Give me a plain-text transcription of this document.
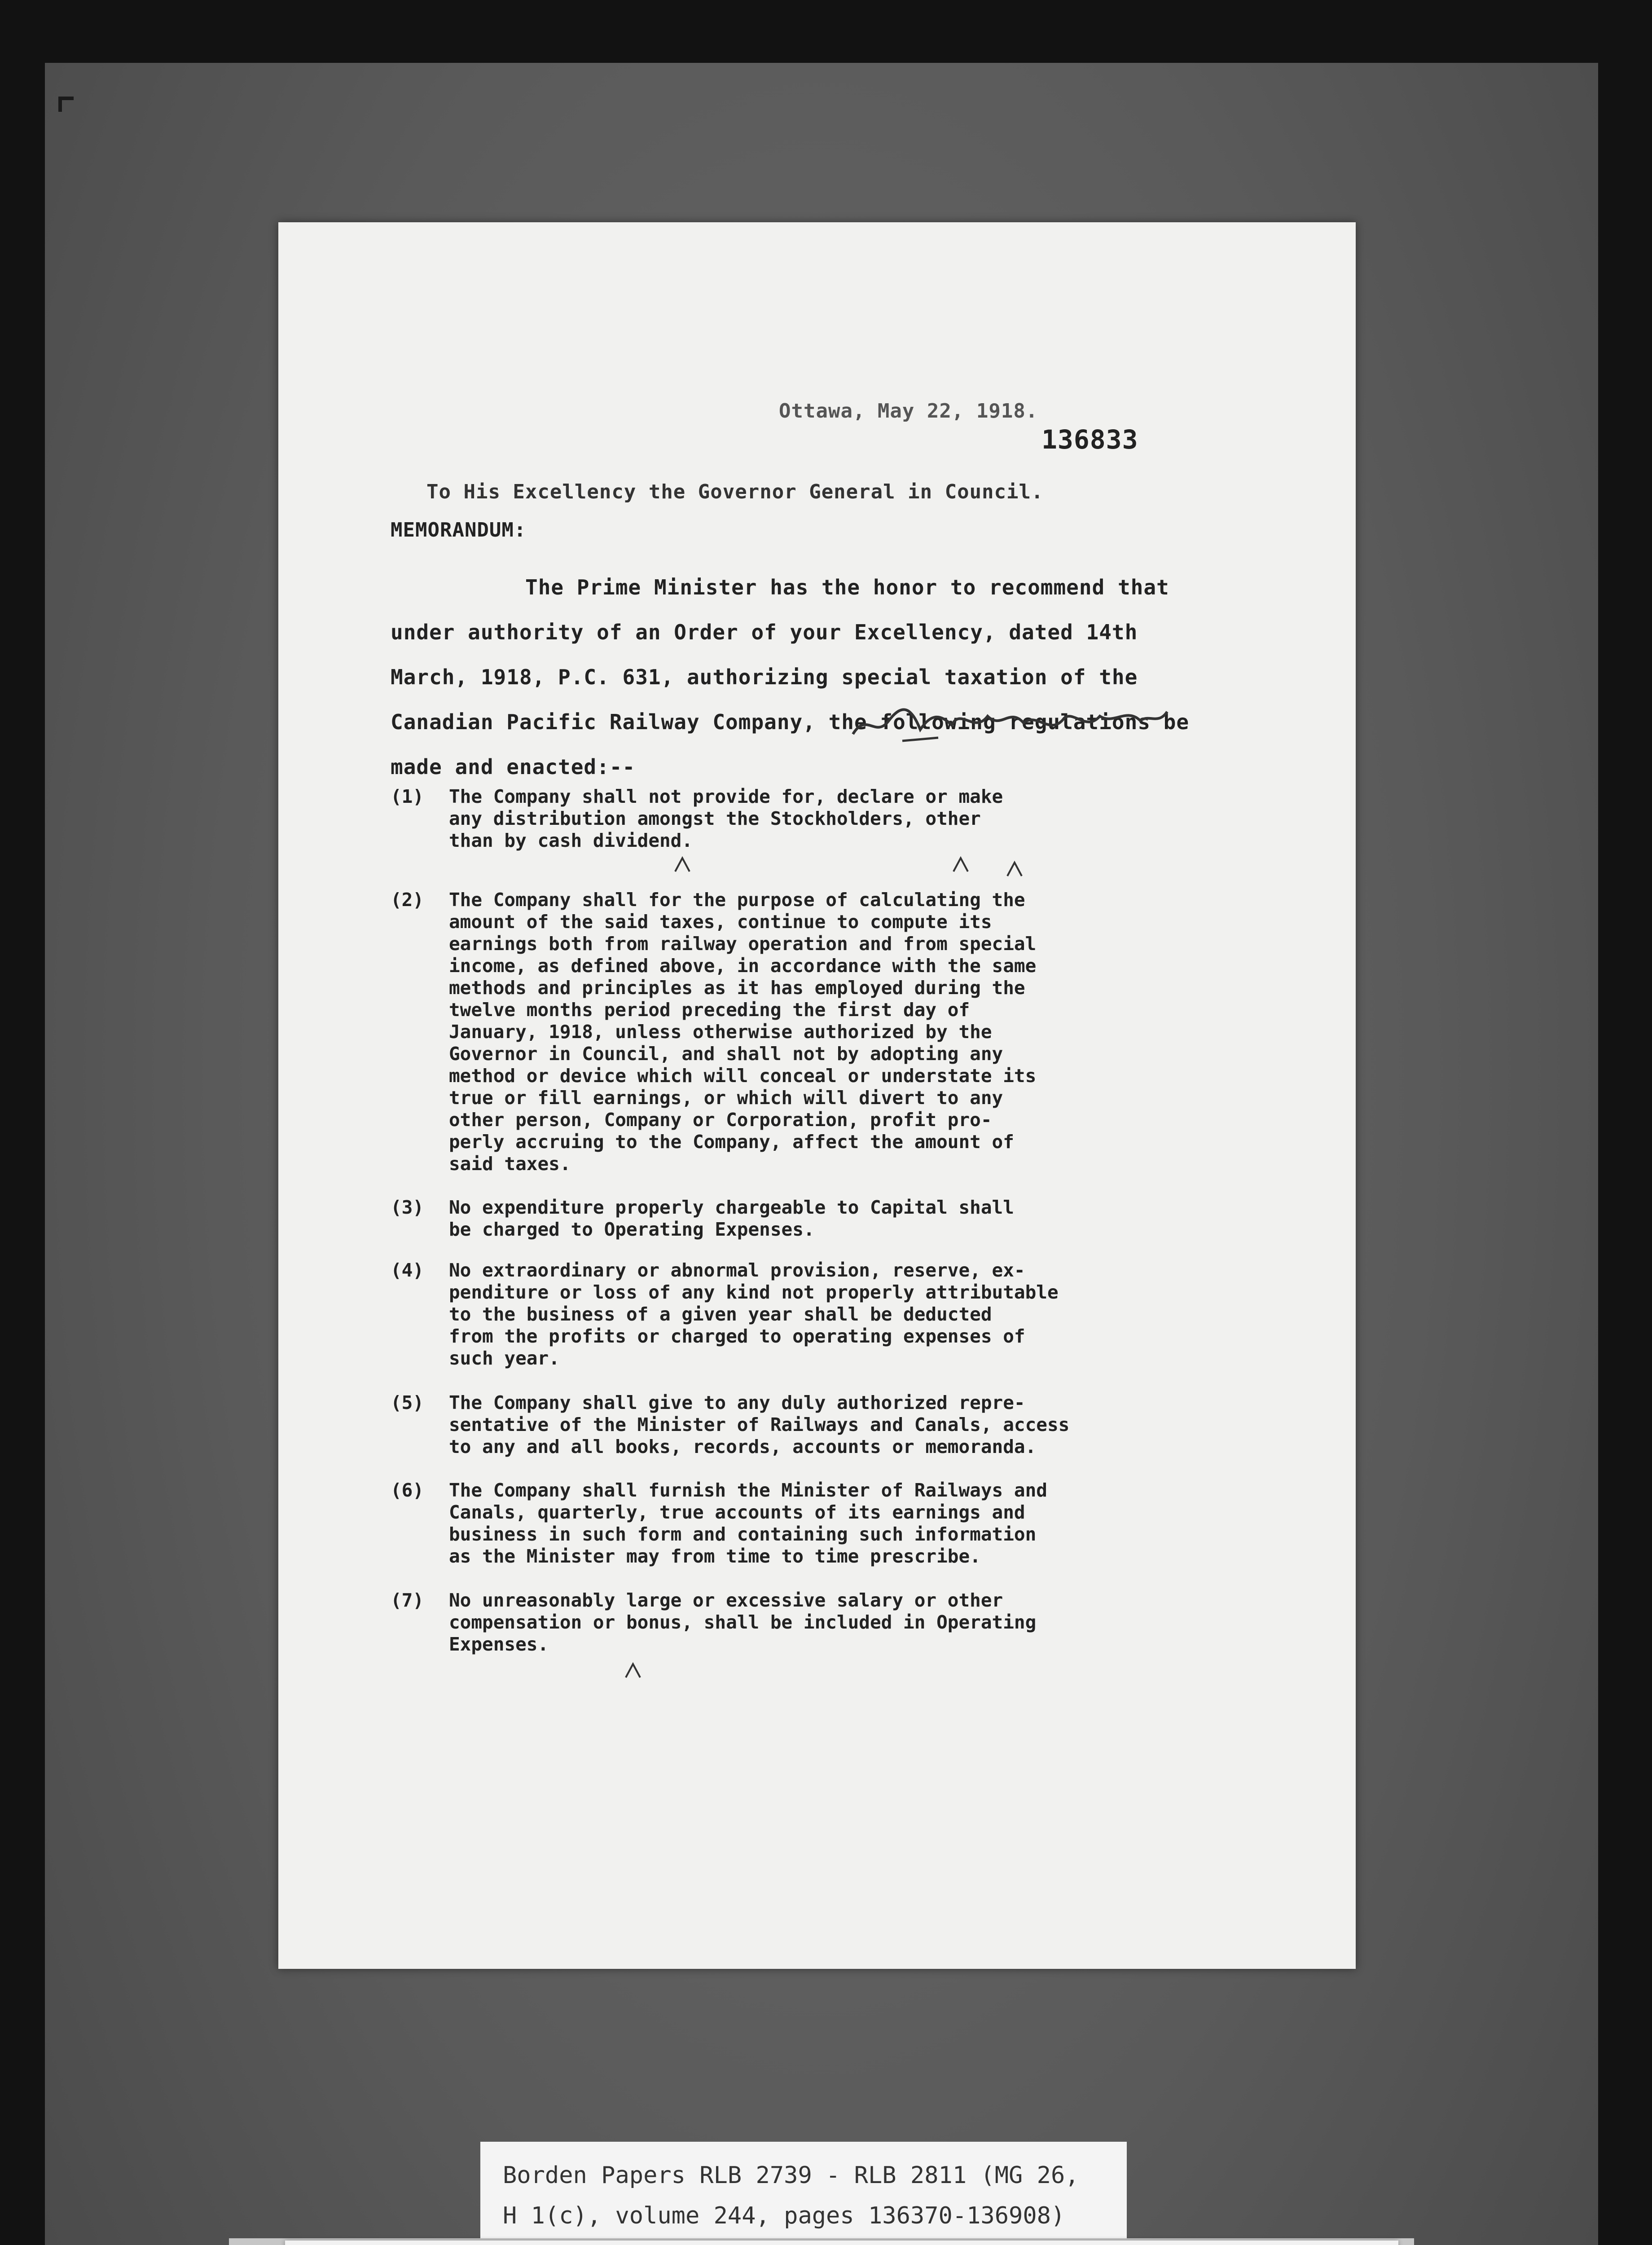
Ottawa, May 22, 1918.
136833
To His Excellency the Governor General in Council.
MEMORANDUM:
The Prime Minister has the honor to recommend that
under authority of an Order of your Excellency, dated 14th
March, 1918, P.C. 631, authorizing special taxation of the
Canadian Pacific Railway Company, the following regulations be
made and enacted:--
(1) The Company shall not provide for, declare or make
any distribution amongst the Stockholders, other
than by cash dividend.
(2) The Company shall for the purpose of calculating the
amount of the said taxes, continue to compute its
earnings both from railway operation and from special
income, as defined above, in accordance with the same
methods and principles as it has employed during the
twelve months period preceding the first day of
January, 1918, unless otherwise authorized by the
Governor in Council, and shall not by adopting any
method or device which will conceal or understate its
true or fill earnings, or which will divert to any
other person, Company or Corporation, profit pro-
perly accruing to the Company, affect the amount of
said taxes.
(3) No expenditure properly chargeable to Capital shall
be charged to Operating Expenses.
(4) No extraordinary or abnormal provision, reserve, ex-
penditure or loss of any kind not properly attributable
to the business of a given year shall be deducted
from the profits or charged to operating expenses of
such year.
(5) The Company shall give to any duly authorized repre-
sentative of the Minister of Railways and Canals, access
to any and all books, records, accounts or memoranda.
(6) The Company shall furnish the Minister of Railways and
Canals, quarterly, true accounts of its earnings and
business in such form and containing such information
as the Minister may from time to time prescribe.
(7) No unreasonably large or excessive salary or other
compensation or bonus, shall be included in Operating
Expenses.
Borden Papers RLB 2739 - RLB 2811 (MG 26,
H 1(c), volume 244, pages 136370-136908)
